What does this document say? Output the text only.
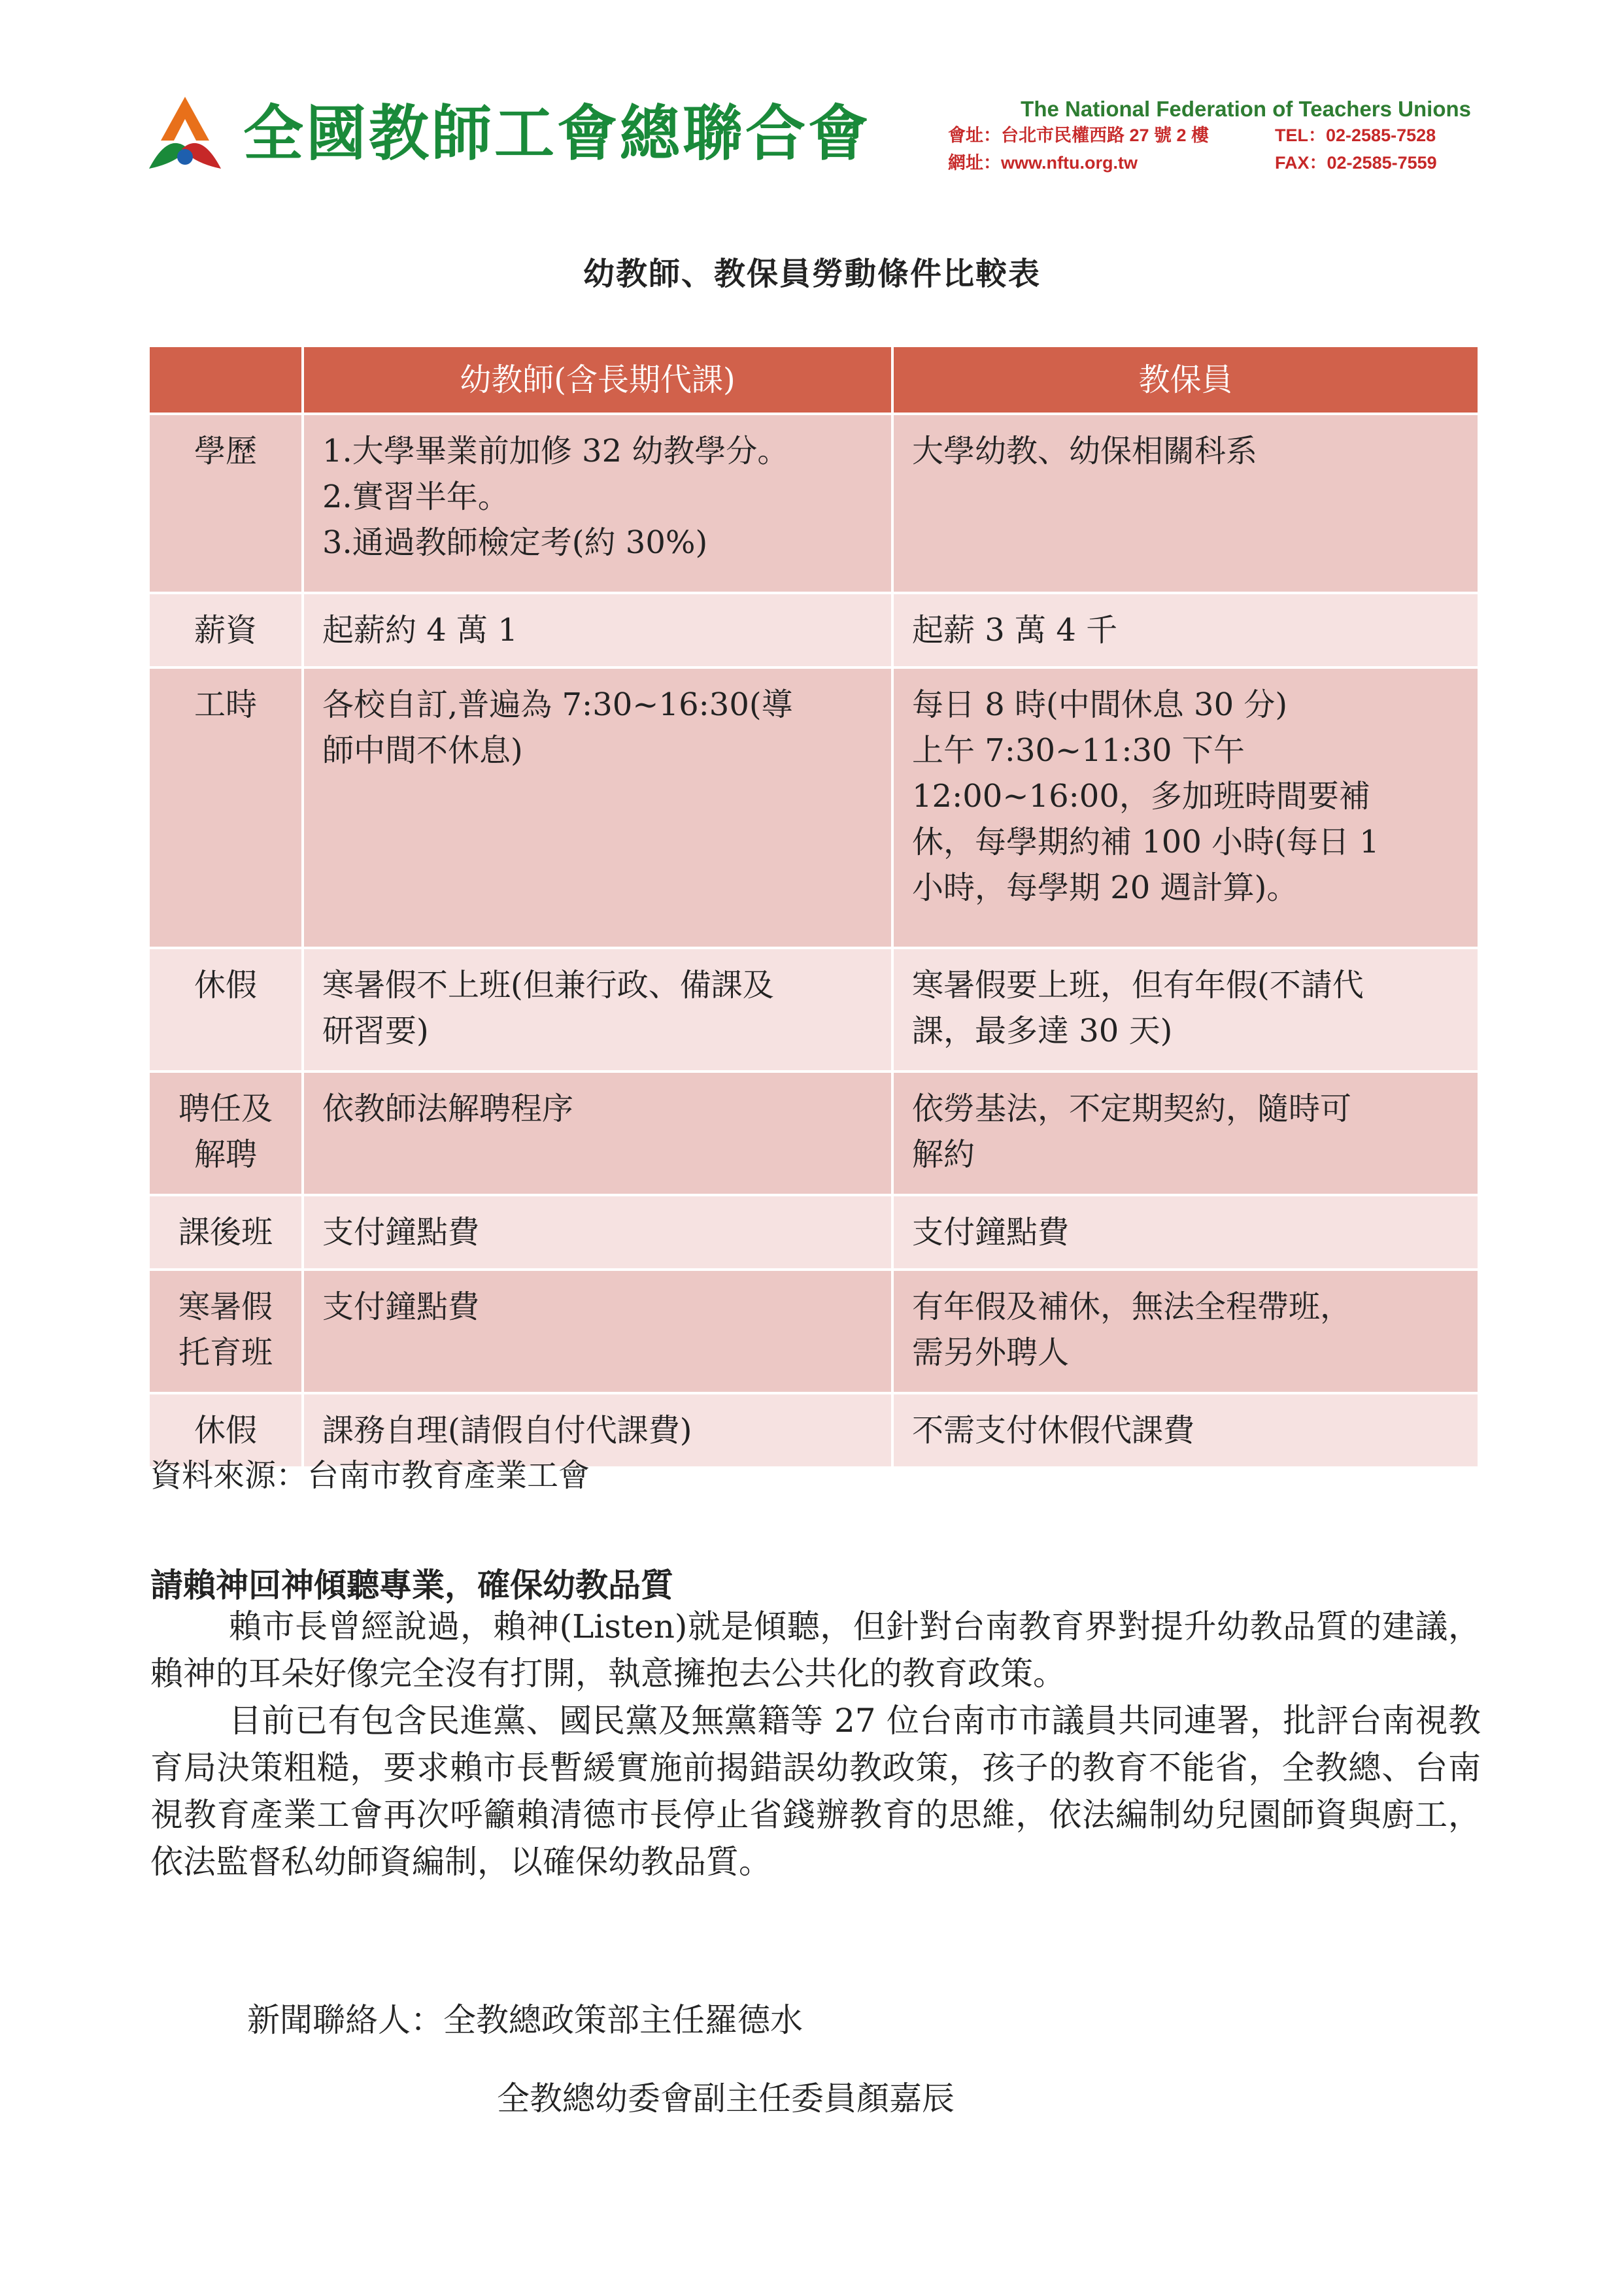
全國教師工會總聯合會	The National Federation of Teachers Unions
會址：台北市民權西路 27 號 2 樓	TEL：02-2585-7528
網址：www.nftu.org.tw	FAX：02-2585-7559
幼教師、教保員勞動條件比較表
	幼教師(含長期代課)	教保員

學歷	1.大學畢業前加修 32 幼教學分。
2.實習半年。
3.通過教師檢定考(約 30%)	大學幼教、幼保相關科系

薪資	起薪約 4 萬 1	起薪 3 萬 4 千

工時	各校自訂,普遍為 7:30~16:30(導
師中間不休息)	每日 8 時(中間休息 30 分)
上午 7:30~11:30 下午
12:00~16:00，多加班時間要補
休，每學期約補 100 小時(每日 1
小時，每學期 20 週計算)。

休假	寒暑假不上班(但兼行政、備課及
研習要)	寒暑假要上班，但有年假(不請代
課，最多達 30 天)

聘任及
解聘	依教師法解聘程序	依勞基法，不定期契約，隨時可
解約

課後班	支付鐘點費	支付鐘點費

寒暑假
托育班	支付鐘點費	有年假及補休，無法全程帶班，
需另外聘人

休假	課務自理(請假自付代課費)	不需支付休假代課費
資料來源：台南市教育產業工會
請賴神回神傾聽專業，確保幼教品質
賴市長曾經說過，賴神(Listen)就是傾聽，但針對台南教育界對提升幼教品質的建議，賴神的耳朵好像完全沒有打開，執意擁抱去公共化的教育政策。
目前已有包含民進黨、國民黨及無黨籍等 27 位台南市市議員共同連署，批評台南視教育局決策粗糙，要求賴市長暫緩實施前揭錯誤幼教政策，孩子的教育不能省，全教總、台南視教育產業工會再次呼籲賴清德市長停止省錢辦教育的思維，依法編制幼兒園師資與廚工，依法監督私幼師資編制，以確保幼教品質。
新聞聯絡人：全教總政策部主任羅德水
全教總幼委會副主任委員顏嘉辰
